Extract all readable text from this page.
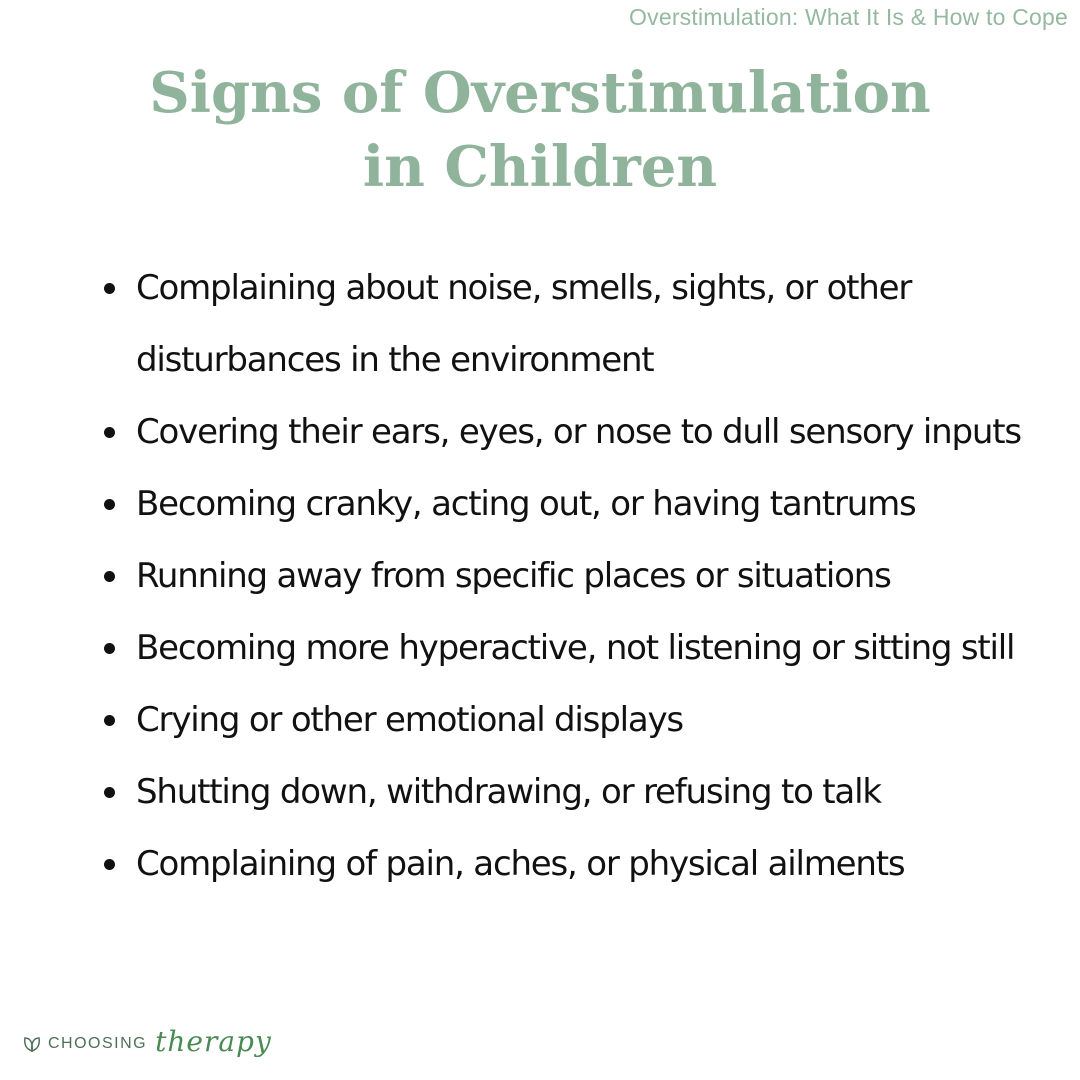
Overstimulation: What It Is & How to Cope
Signs of Overstimulation
in Children
Complaining about noise, smells, sights, or other disturbances in the environment
Covering their ears, eyes, or nose to dull sensory inputs
Becoming cranky, acting out, or having tantrums
Running away from specific places or situations
Becoming more hyperactive, not listening or sitting still
Crying or other emotional displays
Shutting down, withdrawing, or refusing to talk
Complaining of pain, aches, or physical ailments
CHOOSING therapy
